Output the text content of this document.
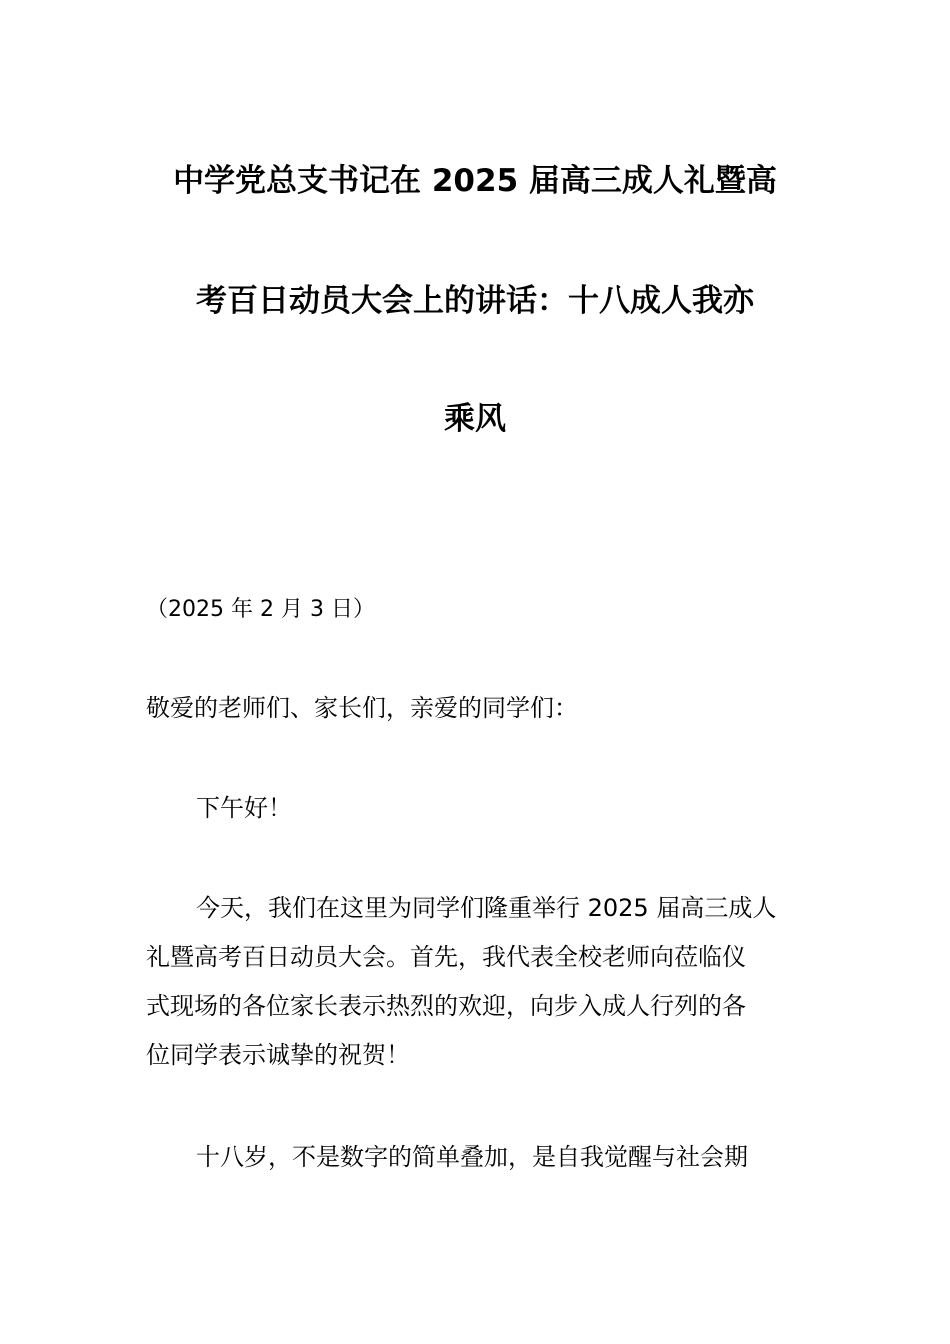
中学党总支书记在 2025 届高三成人礼暨高
考百日动员大会上的讲话：十八成人我亦
乘风
（2025 年 2 月 3 日）
敬爱的老师们、家长们，亲爱的同学们：
下午好！
今天，我们在这里为同学们隆重举行 2025 届高三成人
礼暨高考百日动员大会。首先，我代表全校老师向莅临仪
式现场的各位家长表示热烈的欢迎，向步入成人行列的各
位同学表示诚挚的祝贺！
十八岁，不是数字的简单叠加，是自我觉醒与社会期
